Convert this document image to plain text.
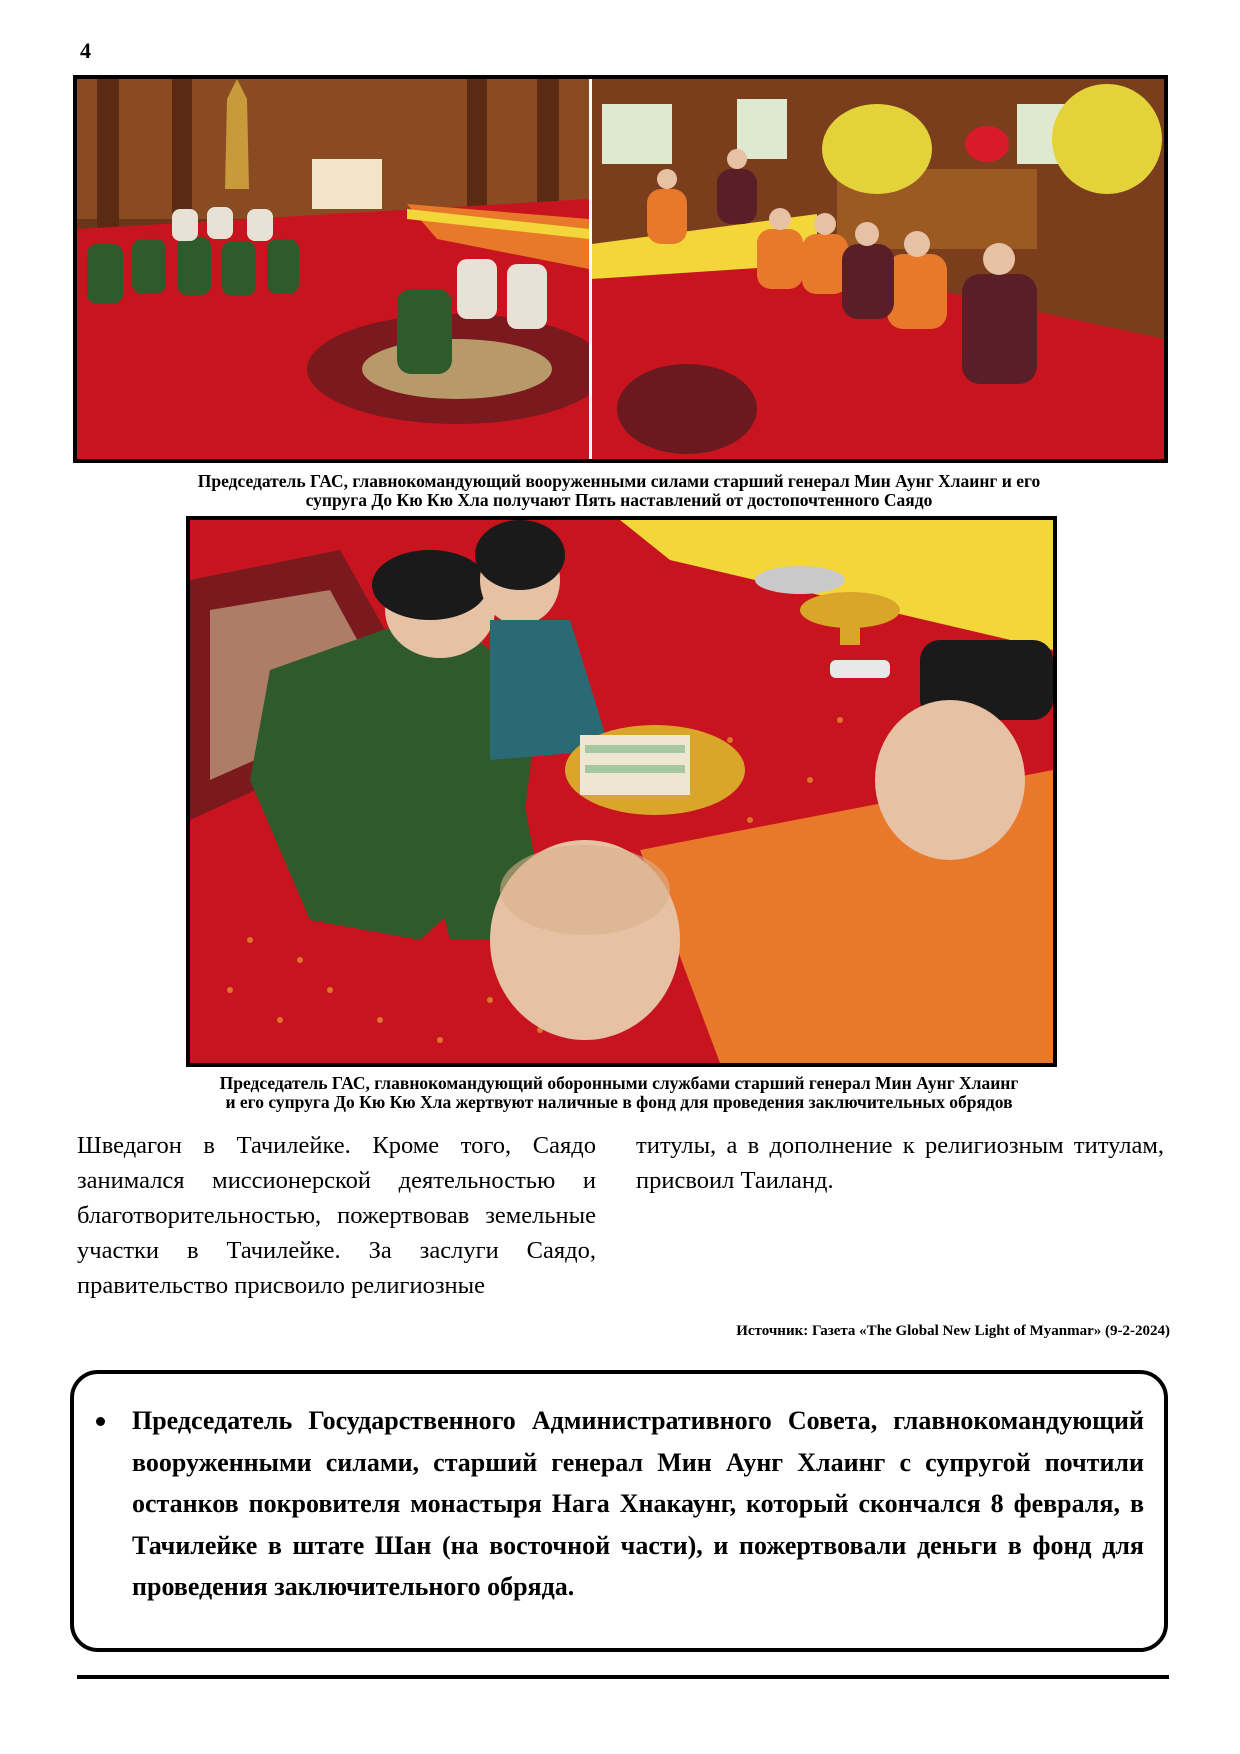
4
Председатель ГАС, главнокомандующий вооруженными силами старший генерал Мин Аунг Хлаинг и его
супруга До Кю Кю Хла получают Пять наставлений от достопочтенного Саядо
Председатель ГАС, главнокомандующий оборонными службами старший генерал Мин Аунг Хлаинг
и его супруга До Кю Кю Хла жертвуют наличные в фонд для проведения заключительных обрядов
Шведагон в Тачилейке. Кроме того, Саядо занимался миссионерской деятельностью и благотворительностью, пожертвовав земельные участки в Тачилейке. За заслуги Саядо, правительство присвоило религиозные
титулы, а в дополнение к религиозным титулам, присвоил Таиланд.
Источник: Газета «The Global New Light of Myanmar» (9-2-2024)
Председатель Государственного Административного Совета, главнокомандующий вооруженными силами, старший генерал Мин Аунг Хлаинг с супругой почтили останков покровителя монастыря Нага Хнакаунг, который скончался 8 февраля, в Тачилейке в штате Шан (на восточной части), и пожертвовали деньги в фонд для проведения заключительного обряда.
